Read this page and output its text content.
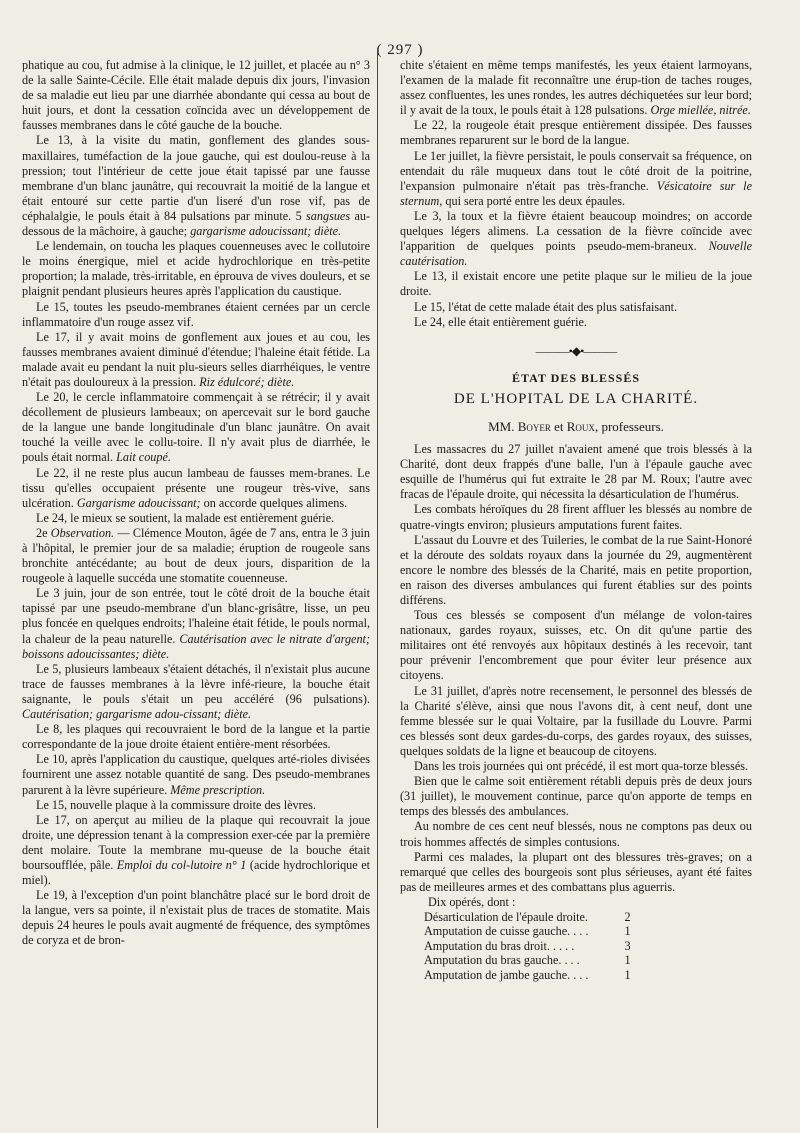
( 297 )

phatique au cou, fut admise à la clinique, le 12 juillet, et placée au n° 3 de la salle Sainte-Cécile. Elle était malade depuis dix jours, l'invasion de sa maladie eut lieu par une diarrhée abondante qui cessa au bout de huit jours, et dont la cessation coïncida avec un développement de fausses membranes dans le côté gauche de la bouche.

Le 13, à la visite du matin, gonflement des glandes sous-maxillaires, tuméfaction de la joue gauche, qui est doulou-reuse à la pression; tout l'intérieur de cette joue était tapissé par une fausse membrane d'un blanc jaunâtre, qui recouvrait la moitié de la langue et était entouré sur cette partie d'un liseré d'un rose vif, pas de céphalalgie, le pouls était à 84 pulsations par minute. 5 sangsues au-dessous de la mâchoire, à gauche; gargarisme adoucissant; diète.

Le lendemain, on toucha les plaques couenneuses avec le collutoire le moins énergique, miel et acide hydrochlorique en très-petite proportion; la malade, très-irritable, en éprouva de vives douleurs, et se plaignit pendant plusieurs heures après l'application du caustique.

Le 15, toutes les pseudo-membranes étaient cernées par un cercle inflammatoire d'un rouge assez vif.

Le 17, il y avait moins de gonflement aux joues et au cou, les fausses membranes avaient diminué d'étendue; l'haleine était fétide. La malade avait eu pendant la nuit plu-sieurs selles diarrhéiques, le ventre n'était pas douloureux à la pression. Riz édulcoré; diète.

Le 20, le cercle inflammatoire commençait à se rétrécir; il y avait décollement de plusieurs lambeaux; on apercevait sur le bord gauche de la langue une bande longitudinale d'un blanc jaunâtre. On avait touché la veille avec le collu-toire. Il n'y avait plus de diarrhée, le pouls était normal. Lait coupé.

Le 22, il ne reste plus aucun lambeau de fausses mem-branes. Le tissu qu'elles occupaient présente une rougeur très-vive, sans ulcération. Gargarisme adoucissant; on accorde quelques alimens.

Le 24, le mieux se soutient, la malade est entièrement guérie.

2e Observation. — Clémence Mouton, âgée de 7 ans, entra le 3 juin à l'hôpital, le premier jour de sa maladie; éruption de rougeole sans bronchite antécédante; au bout de deux jours, disparition de la rougeole à laquelle succéda une stomatite couenneuse.

Le 3 juin, jour de son entrée, tout le côté droit de la bouche était tapissé par une pseudo-membrane d'un blanc-grisâtre, lisse, un peu plus foncée en quelques endroits; l'haleine était fétide, le pouls normal, la chaleur de la peau naturelle. Cautérisation avec le nitrate d'argent; boissons adoucissantes; diète.

Le 5, plusieurs lambeaux s'étaient détachés, il n'existait plus aucune trace de fausses membranes à la lèvre infé-rieure, la bouche était saignante, le pouls s'était un peu accéléré (96 pulsations). Cautérisation; gargarisme adou-cissant; diète.

Le 8, les plaques qui recouvraient le bord de la langue et la partie correspondante de la joue droite étaient entière-ment résorbées.

Le 10, après l'application du caustique, quelques arté-rioles divisées fournirent une assez notable quantité de sang. Des pseudo-membranes parurent à la lèvre supérieure. Même prescription.

Le 15, nouvelle plaque à la commissure droite des lèvres.

Le 17, on aperçut au milieu de la plaque qui recouvrait la joue droite, une dépression tenant à la compression exer-cée par la première dent molaire. Toute la membrane mu-queuse de la bouche était boursoufflée, pâle. Emploi du col-lutoire n° 1 (acide hydrochlorique et miel).

Le 19, à l'exception d'un point blanchâtre placé sur le bord droit de la langue, vers sa pointe, il n'existait plus de traces de stomatite. Mais depuis 24 heures le pouls avait augmenté de fréquence, des symptômes de coryza et de bron-

chite s'étaient en même temps manifestés, les yeux étaient larmoyans, l'examen de la malade fit reconnaître une érup-tion de taches rouges, assez confluentes, les unes rondes, les autres déchiquetées sur leur bord; il y avait de la toux, le pouls était à 128 pulsations. Orge miellée, nitrée.

Le 22, la rougeole était presque entièrement dissipée. Des fausses membranes reparurent sur le bord de la langue.

Le 1er juillet, la fièvre persistait, le pouls conservait sa fréquence, on entendait du râle muqueux dans tout le côté droit de la poitrine, l'expansion pulmonaire n'était pas très-franche. Vésicatoire sur le sternum, qui sera porté entre les deux épaules.

Le 3, la toux et la fièvre étaient beaucoup moindres; on accorde quelques légers alimens. La cessation de la fièvre coïncide avec l'apparition de quelques points pseudo-mem-braneux. Nouvelle cautérisation.

Le 13, il existait encore une petite plaque sur le milieu de la joue droite.

Le 15, l'état de cette malade était des plus satisfaisant.

Le 24, elle était entièrement guérie.

———•◆•———
ÉTAT DES BLESSÉS
DE L'HOPITAL DE LA CHARITÉ.
MM. Boyer et Roux, professeurs.

Les massacres du 27 juillet n'avaient amené que trois blessés à la Charité, dont deux frappés d'une balle, l'un à l'épaule gauche avec esquille de l'humérus qui fut extraite le 28 par M. Roux; l'autre avec fracas de l'épaule droite, qui nécessita la désarticulation de l'humérus.

Les combats héroïques du 28 firent affluer les blessés au nombre de quatre-vingts environ; plusieurs amputations furent faites.

L'assaut du Louvre et des Tuileries, le combat de la rue Saint-Honoré et la déroute des soldats royaux dans la journée du 29, augmentèrent encore le nombre des blessés de la Charité, mais en petite proportion, en raison des diverses ambulances qui furent établies sur des points différens.

Tous ces blessés se composent d'un mélange de volon-taires nationaux, gardes royaux, suisses, etc. On dit qu'une partie des militaires ont été renvoyés aux hôpitaux destinés à les recevoir, tant pour prévenir l'encombrement que pour éviter leur présence aux citoyens.

Le 31 juillet, d'après notre recensement, le personnel des blessés de la Charité s'élève, ainsi que nous l'avons dit, à cent neuf, dont une femme blessée sur le quai Voltaire, par la fusillade du Louvre. Parmi ces blessés sont deux gardes-du-corps, des gardes royaux, des suisses, quelques soldats de la ligne et beaucoup de citoyens.

Dans les trois journées qui ont précédé, il est mort qua-torze blessés.

Bien que le calme soit entièrement rétabli depuis près de deux jours (31 juillet), le mouvement continue, parce qu'on apporte de temps en temps des blessés des ambulances.

Au nombre de ces cent neuf blessés, nous ne comptons pas deux ou trois hommes affectés de simples contusions.

Parmi ces malades, la plupart ont des blessures très-graves; on a remarqué que celles des bourgeois sont plus sérieuses, ayant été faites pas de meilleures armes et des combattans plus aguerris.

Dix opérés, dont :

Désarticulation de l'épaule droite.	2
Amputation de cuisse gauche. . . .	1
Amputation du bras droit. . . . .	3
Amputation du bras gauche. . . .	1
Amputation de jambe gauche. . . .	1
